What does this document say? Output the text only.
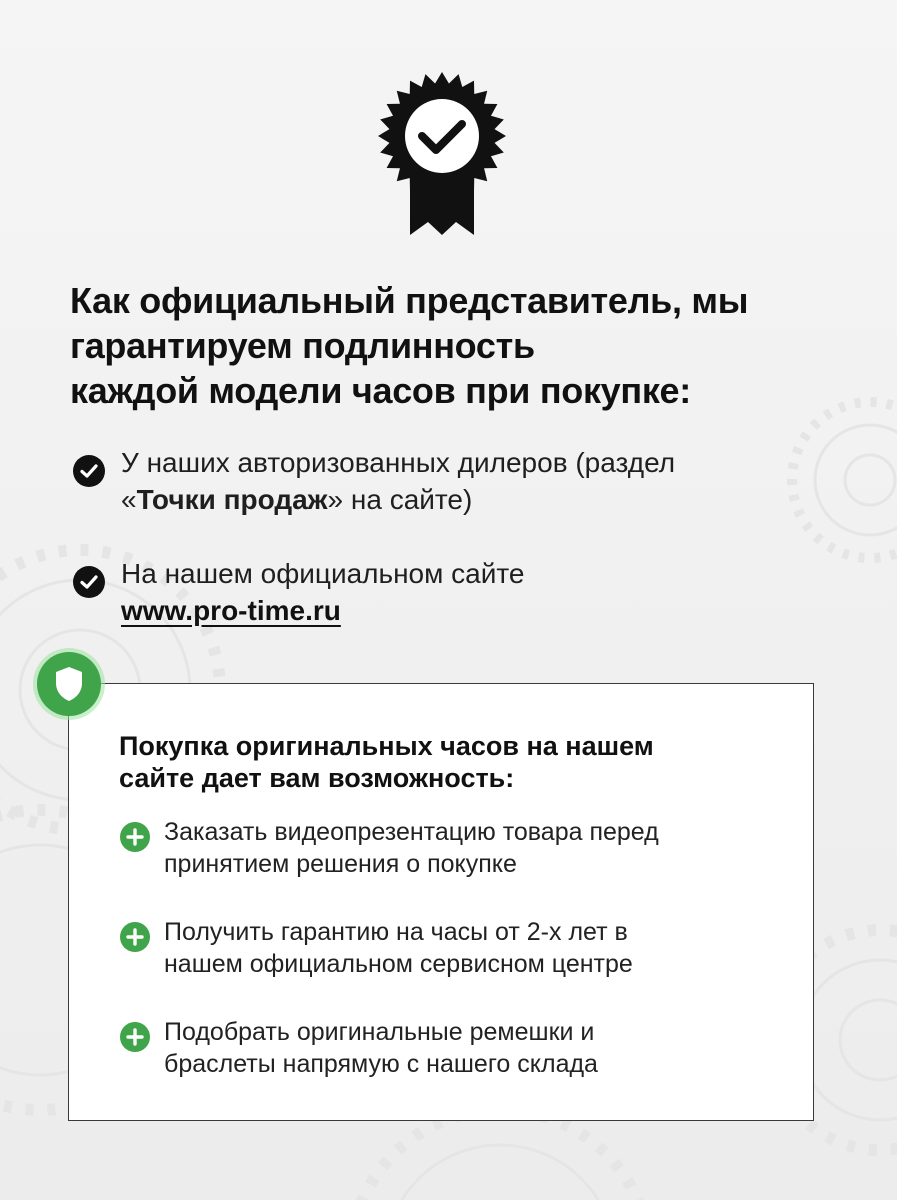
Как официальный представитель, мы
гарантируем подлинность
каждой модели часов при покупке:
У наших авторизованных дилеров (раздел
«Точки продаж» на сайте)
На нашем официальном сайте
www.pro-time.ru
Покупка оригинальных часов на нашем
сайте дает вам возможность:
Заказать видеопрезентацию товара перед
принятием решения о покупке
Получить гарантию на часы от 2-х лет в
нашем официальном сервисном центре
Подобрать оригинальные ремешки и
браслеты напрямую с нашего склада
